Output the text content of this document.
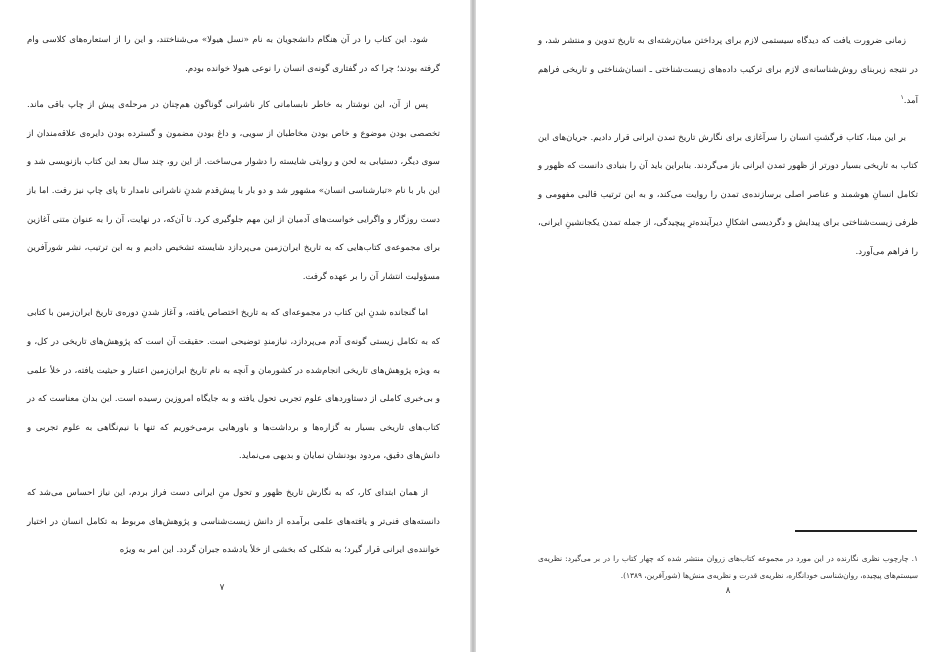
شود. این کتاب را در آن هنگام دانشجویان به نام «نسل هیولا» می‌شناختند، و این را از استعاره‌های کلاسی وام گرفته بودند؛ چرا که در گفتاری گونه‌ی انسان را نوعی هیولا خوانده بودم.

پس از آن، این نوشتار به خاطر نابسامانی کار ناشرانی گوناگون هم‌چنان در مرحله‌ی پیش از چاپ باقی ماند. تخصصی بودن موضوع و خاص بودن مخاطبان از سویی، و داغ بودن مضمون و گسترده بودن دایره‌ی علاقه‌مندان از سوی دیگر، دستیابی به لحن و روایتی شایسته را دشوار می‌ساخت. از این رو، چند سال بعد این کتاب بازنویسی شد و این بار با نام «تبارشناسی انسان» مشهور شد و دو بار با پیش‌قدم شدنِ ناشرانی نامدار تا پای چاپ نیز رفت. اما باز دست روزگار و واگرایی خواست‌های آدمیان از این مهم جلوگیری کرد. تا آن‌که، در نهایت، آن را به عنوان متنی آغازین برای مجموعه‌ی کتاب‌هایی که به تاریخ ایران‌زمین می‌پردازد شایسته تشخیص دادیم و به این ترتیب، نشر شورآفرین مسؤولیت انتشار آن را بر عهده گرفت.

اما گنجانده شدنِ این کتاب در مجموعه‌ای که به تاریخ اختصاص یافته، و آغاز شدنِ دوره‌ی تاریخ ایران‌زمین با کتابی که به تکامل زیستی گونه‌ی آدم می‌پردازد، نیازمندِ توضیحی است. حقیقت آن است که پژوهش‌های تاریخی در کل، و به ویژه پژوهش‌های تاریخی انجام‌شده در کشورمان و آنچه به نام تاریخ ایران‌زمین اعتبار و حیثیت یافته، در خلأ علمی و بی‌خبری کاملی از دستاوردهای علوم تجربی تحول یافته و به جایگاه امروزین رسیده است. این بدان معناست که در کتاب‌های تاریخی بسیار به گزاره‌ها و برداشت‌ها و باورهایی برمی‌خوریم که تنها با نیم‌نگاهی به علوم تجربی و دانش‌های دقیق، مردود بودنشان نمایان و بدیهی می‌نماید.

از همان ابتدای کار، که به نگارش تاریخ ظهور و تحول منِ ایرانی دست فراز بردم، این نیاز احساس می‌شد که دانسته‌های فنی‌تر و یافته‌های علمی برآمده از دانش زیست‌شناسی و پژوهش‌های مربوط به تکامل انسان در اختیار خواننده‌ی ایرانی قرار گیرد؛ به شکلی که بخشی از خلأ یادشده جبران گردد. این امر به ویژه

۷

زمانی ضرورت یافت که دیدگاه سیستمی لازم برای پرداختن میان‌رشته‌ای به تاریخ تدوین و منتشر شد، و در نتیجه زیربنای روش‌شناسانه‌ی لازم برای ترکیب داده‌های زیست‌شناختی ـ انسان‌شناختی و تاریخی فراهم آمد.$^۱$

بر این مبنا، کتاب فرگشتِ انسان را سرآغازی برای نگارش تاریخ تمدن ایرانی قرار دادیم. جریان‌های این کتاب به تاریخی بسیار دورتر از ظهور تمدن ایرانی باز می‌گردند. بنابراین باید آن را بنیادی دانست که ظهور و تکامل انسانِ هوشمند و عناصر اصلی برسازنده‌ی تمدن را روایت می‌کند، و به این ترتیب قالبی مفهومی و ظرفی زیست‌شناختی برای پیدایش و دگردیسی اشکالِ دیرآینده‌ترِ پیچیدگی، از جمله تمدن یکجانشینِ ایرانی، را فراهم می‌آورد.

۱. چارچوب نظری نگارنده در این مورد در مجموعه کتاب‌های زروان منتشر شده که چهار کتاب را در بر می‌گیرد: نظریه‌ی سیستم‌های پیچیده، روان‌شناسی خودانگاره، نظریه‌ی قدرت و نظریه‌ی منش‌ها (شورآفرین، ۱۳۸۹).
۸
